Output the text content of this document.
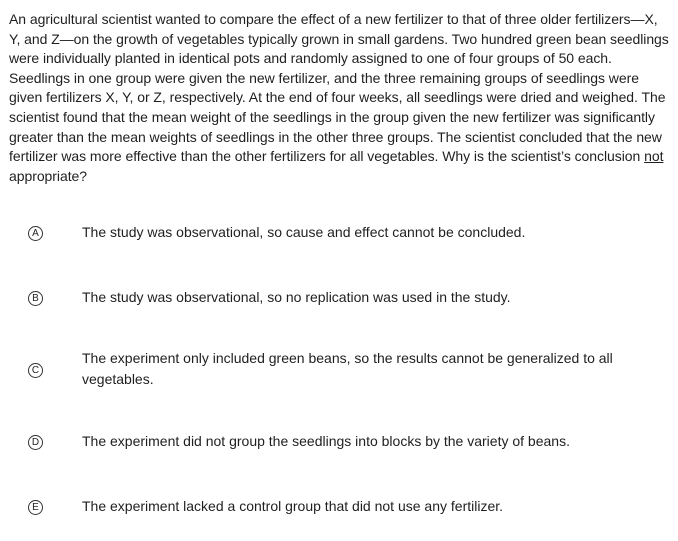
An agricultural scientist wanted to compare the effect of a new fertilizer to that of three older fertilizers—X, Y, and Z—on the growth of vegetables typically grown in small gardens. Two hundred green bean seedlings were individually planted in identical pots and randomly assigned to one of four groups of 50 each. Seedlings in one group were given the new fertilizer, and the three remaining groups of seedlings were given fertilizers X, Y, or Z, respectively. At the end of four weeks, all seedlings were dried and weighed. The scientist found that the mean weight of the seedlings in the group given the new fertilizer was significantly greater than the mean weights of seedlings in the other three groups. The scientist concluded that the new fertilizer was more effective than the other fertilizers for all vegetables. Why is the scientist’s conclusion not appropriate?
A	The study was observational, so cause and effect cannot be concluded.
B	The study was observational, so no replication was used in the study.
C
The experiment only included green beans, so the results cannot be generalized to all vegetables.
D	The experiment did not group the seedlings into blocks by the variety of beans.
E	The experiment lacked a control group that did not use any fertilizer.
